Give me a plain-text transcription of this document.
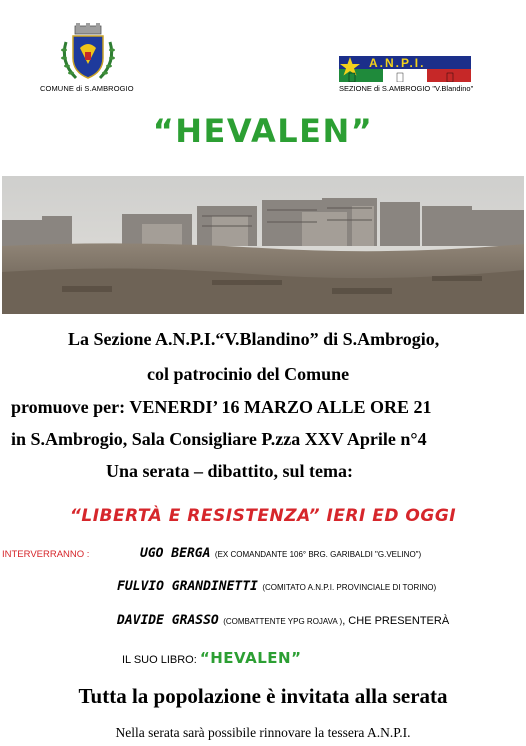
COMUNE di S.AMBROGIO
A.N.P.I.
SEZIONE di S.AMBROGIO "V.Blandino"
“HEVALEN”
La Sezione A.N.P.I.“V.Blandino” di S.Ambrogio,
col patrocinio del Comune
promuove per: VENERDI’ 16 MARZO ALLE ORE 21
in S.Ambrogio, Sala Consigliare P.zza XXV Aprile n°4
Una serata – dibattito, sul tema:
“LIBERTÀ E RESISTENZA” IERI ED OGGI
INTERVERRANNO :	UGO BERGA (EX COMANDANTE 106° BRG. GARIBALDI "G.VELINO")
FULVIO GRANDINETTI (COMITATO A.N.P.I. PROVINCIALE DI TORINO)
DAVIDE GRASSO (COMBATTENTE YPG ROJAVA ), CHE PRESENTERÀ
IL SUO LIBRO: “HEVALEN”
Tutta la popolazione è invitata alla serata
Nella serata sarà possibile rinnovare la tessera A.N.P.I.
